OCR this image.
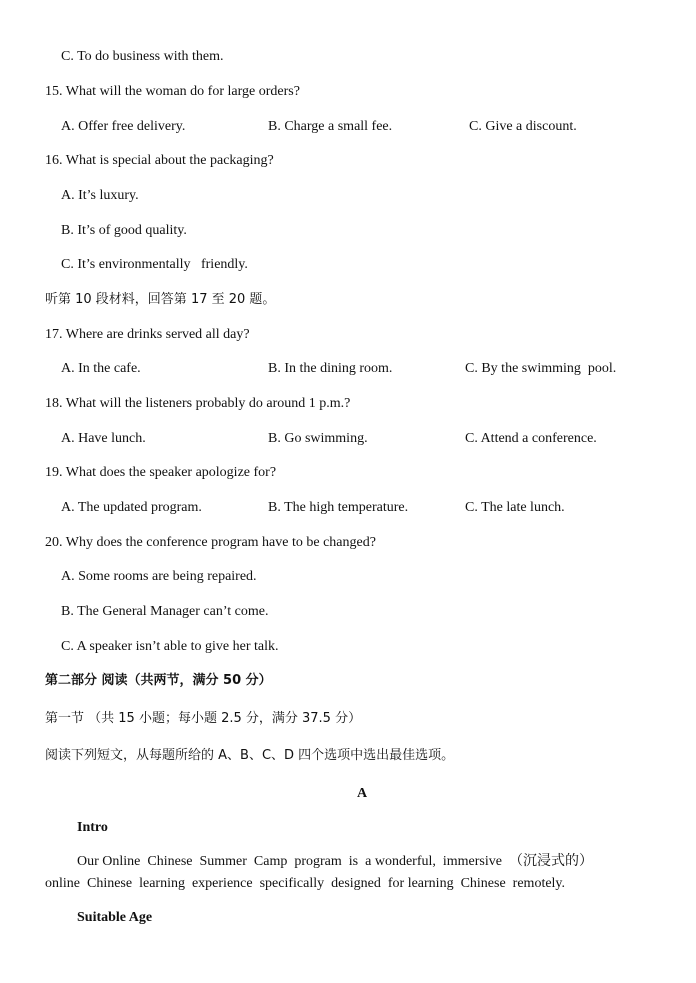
C. To do business with them.
15. What will the woman do for large orders?
A. Offer free delivery.	B. Charge a small fee.	C. Give a discount.
16. What is special about the packaging?
A. It’s luxury.
B. It’s of good quality.
C. It’s environmentally   friendly.
听第 10 段材料，回答第 17 至 20 题。
17. Where are drinks served all day?
A. In the cafe.	B. In the dining room.	C. By the swimming  pool.
18. What will the listeners probably do around 1 p.m.?
A. Have lunch.	B. Go swimming.	C. Attend a conference.
19. What does the speaker apologize for?
A. The updated program.	B. The high temperature.	C. The late lunch.
20. Why does the conference program have to be changed?
A. Some rooms are being repaired.
B. The General Manager can’t come.
C. A speaker isn’t able to give her talk.
第二部分 阅读（共两节，满分 50 分）
第一节 （共 15 小题；每小题 2.5 分，满分 37.5 分）
阅读下列短文，从每题所给的 A、B、C、D 四个选项中选出最佳选项。
A
Intro
Our Online  Chinese  Summer  Camp  program  is  a wonderful,  immersive  （沉浸式的）
online  Chinese  learning  experience  specifically  designed  for learning  Chinese  remotely.
Suitable Age
